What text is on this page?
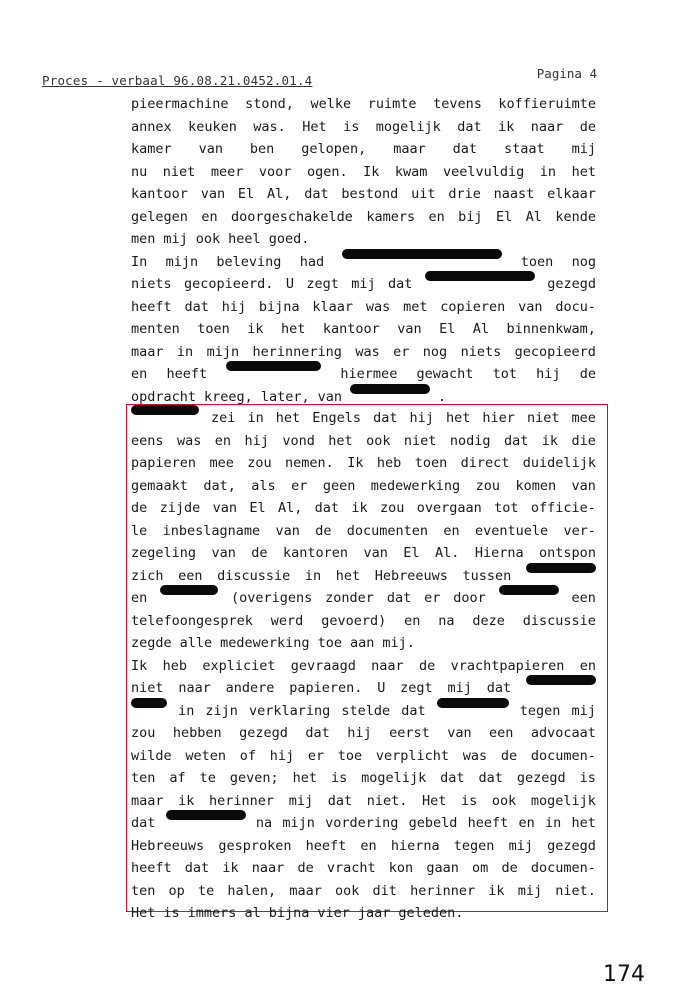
Proces - verbaal 96.08.21.0452.01.4	Pagina 4
pieermachine stond, welke ruimte tevens koffieruimte
annex keuken was. Het is mogelijk dat ik naar de
kamer van ben gelopen, maar dat staat mij
nu niet meer voor ogen. Ik kwam veelvuldig in het
kantoor van El Al, dat bestond uit drie naast elkaar
gelegen en doorgeschakelde kamers en bij El Al kende
men mij ook heel goed.
In mijn beleving had	toen nog
niets gecopieerd. U zegt mij dat	gezegd
heeft dat hij bijna klaar was met copieren van docu-
menten toen ik het kantoor van El Al binnenkwam,
maar in mijn herinnering was er nog niets gecopieerd
en heeft	hiermee gewacht tot hij de
opdracht kreeg, later, van	.
zei in het Engels dat hij het hier niet mee
eens was en hij vond het ook niet nodig dat ik die
papieren mee zou nemen. Ik heb toen direct duidelijk
gemaakt dat, als er geen medewerking zou komen van
de zijde van El Al, dat ik zou overgaan tot officie-
le inbeslagname van de documenten en eventuele ver-
zegeling van de kantoren van El Al. Hierna ontspon
zich een discussie in het Hebreeuws tussen
en	(overigens zonder dat er door	een
telefoongesprek werd gevoerd) en na deze discussie
zegde alle medewerking toe aan mij.
Ik heb expliciet gevraagd naar de vrachtpapieren en
niet naar andere papieren. U zegt mij dat
in zijn verklaring stelde dat	tegen mij
zou hebben gezegd dat hij eerst van een advocaat
wilde weten of hij er toe verplicht was de documen-
ten af te geven; het is mogelijk dat dat gezegd is
maar ik herinner mij dat niet. Het is ook mogelijk
dat	na mijn vordering gebeld heeft en in het
Hebreeuws gesproken heeft en hierna tegen mij gezegd
heeft dat ik naar de vracht kon gaan om de documen-
ten op te halen, maar ook dit herinner ik mij niet.
Het is immers al bijna vier jaar geleden.
174
